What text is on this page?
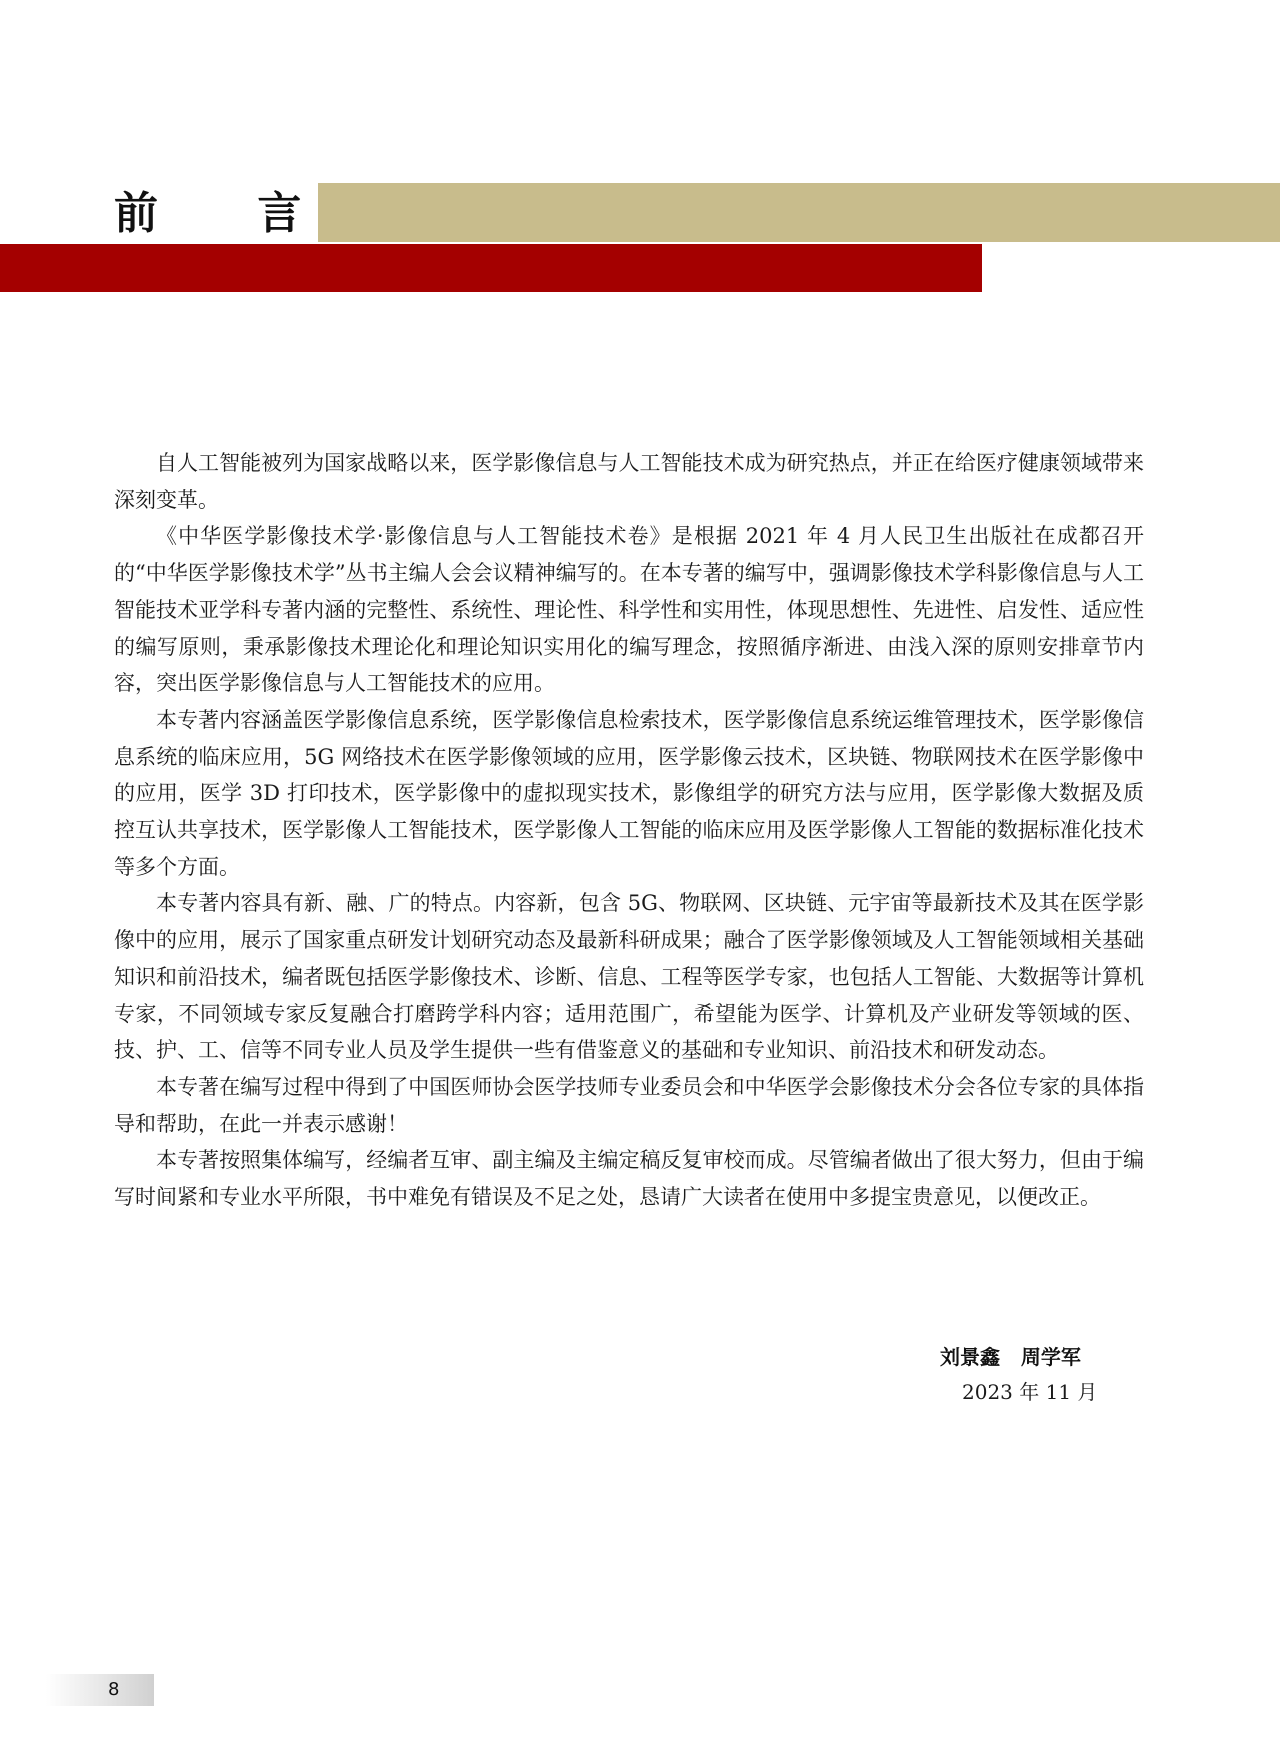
前 言

自人工智能被列为国家战略以来，医学影像信息与人工智能技术成为研究热点，并正在给医疗健康领域带来深刻变革。

《中华医学影像技术学·影像信息与人工智能技术卷》是根据 2021 年 4 月人民卫生出版社在成都召开的“中华医学影像技术学”丛书主编人会会议精神编写的。在本专著的编写中，强调影像技术学科影像信息与人工智能技术亚学科专著内涵的完整性、系统性、理论性、科学性和实用性，体现思想性、先进性、启发性、适应性的编写原则，秉承影像技术理论化和理论知识实用化的编写理念，按照循序渐进、由浅入深的原则安排章节内容，突出医学影像信息与人工智能技术的应用。

本专著内容涵盖医学影像信息系统，医学影像信息检索技术，医学影像信息系统运维管理技术，医学影像信息系统的临床应用，5G 网络技术在医学影像领域的应用，医学影像云技术，区块链、物联网技术在医学影像中的应用，医学 3D 打印技术，医学影像中的虚拟现实技术，影像组学的研究方法与应用，医学影像大数据及质控互认共享技术，医学影像人工智能技术，医学影像人工智能的临床应用及医学影像人工智能的数据标准化技术等多个方面。

本专著内容具有新、融、广的特点。内容新，包含 5G、物联网、区块链、元宇宙等最新技术及其在医学影像中的应用，展示了国家重点研发计划研究动态及最新科研成果；融合了医学影像领域及人工智能领域相关基础知识和前沿技术，编者既包括医学影像技术、诊断、信息、工程等医学专家，也包括人工智能、大数据等计算机专家，不同领域专家反复融合打磨跨学科内容；适用范围广，希望能为医学、计算机及产业研发等领域的医、技、护、工、信等不同专业人员及学生提供一些有借鉴意义的基础和专业知识、前沿技术和研发动态。

本专著在编写过程中得到了中国医师协会医学技师专业委员会和中华医学会影像技术分会各位专家的具体指导和帮助，在此一并表示感谢！

本专著按照集体编写，经编者互审、副主编及主编定稿反复审校而成。尽管编者做出了很大努力，但由于编写时间紧和专业水平所限，书中难免有错误及不足之处，恳请广大读者在使用中多提宝贵意见，以便改正。

刘景鑫   周学军
2023 年 11 月
8
